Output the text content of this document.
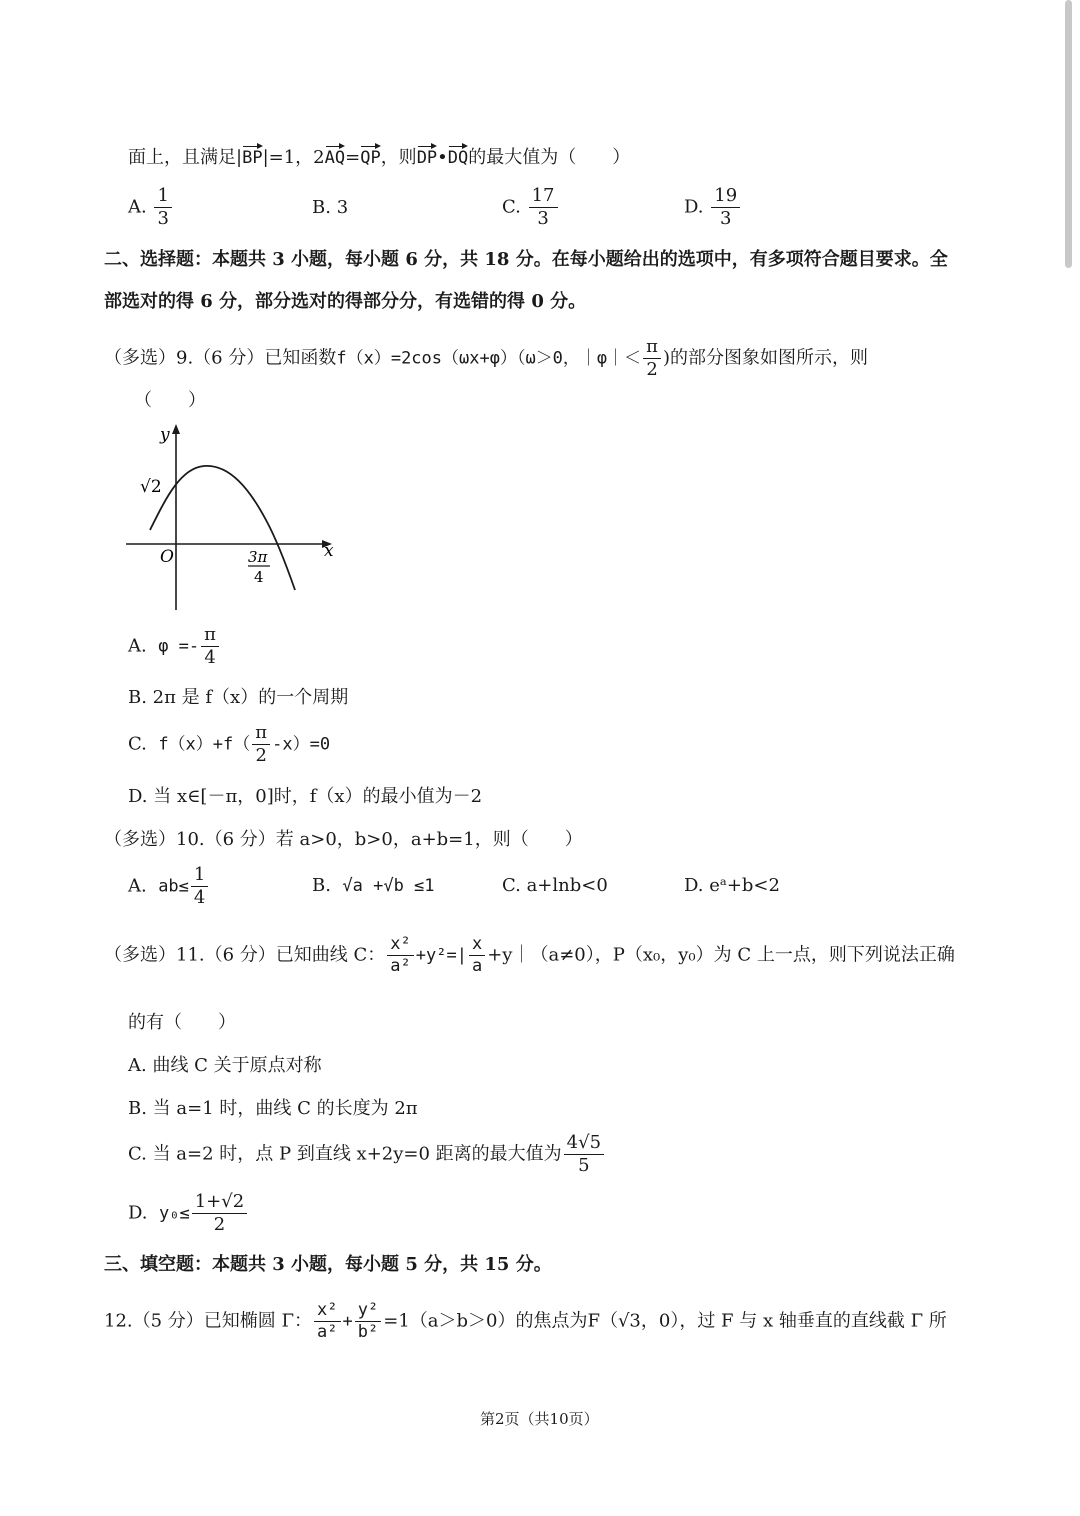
面上，且满足|BP|=1，2AQ=QP，则DP•DQ的最大值为（　　）
A. $\frac{1}{3}$	B. 3	C. $\frac{17}{3}$	D. $\frac{19}{3}$
二、选择题：本题共 3 小题，每小题 6 分，共 18 分。在每小题给出的选项中，有多项符合题目要求。全
部选对的得 6 分，部分选对的得部分分，有选错的得 0 分。
（多选）9.（6 分）已知函数f（x）=2cos（ωx+φ）（ω＞0，｜φ｜＜ $\frac{\pi}{2}$ )的部分图象如图所示，则
（　　）
y
x
O
√2
3π
4
A. $\varphi =- \frac{\pi}{4}$
B. 2π 是 f（x）的一个周期
C. $f(x)+f( \frac{\pi}{2} -x)=0$
D. 当 x∈[－π，0]时，f（x）的最小值为－2
（多选）10.（6 分）若 a>0，b>0，a+b=1，则（　　）
A. $ab\le \frac{1}{4}$	B. √a +√b ≤1	C. a+lnb<0	D. eᵃ+b<2
（多选）11.（6 分）已知曲线 C： $\frac{\text{x²}}{\text{a²}} +y^2=| \frac{x}{a}$ +y｜（a≠0），P（x₀，y₀）为 C 上一点，则下列说法正确
的有（　　）
A. 曲线 C 关于原点对称
B. 当 a=1 时，曲线 C 的长度为 2π
C. 当 a=2 时，点 P 到直线 x+2y=0 距离的最大值为 $\frac{4√5}{5}$
D. $y_0\le \frac{1+√2}{2}$
三、填空题：本题共 3 小题，每小题 5 分，共 15 分。
12.（5 分）已知椭圆 Γ： $\frac{\text{x²}}{\text{a²}} + \frac{\text{y²}}{\text{b²}} =1(a>b>0)$的焦点为F（√3，0），过 F 与 x 轴垂直的直线截 Γ 所
第2页（共10页）
